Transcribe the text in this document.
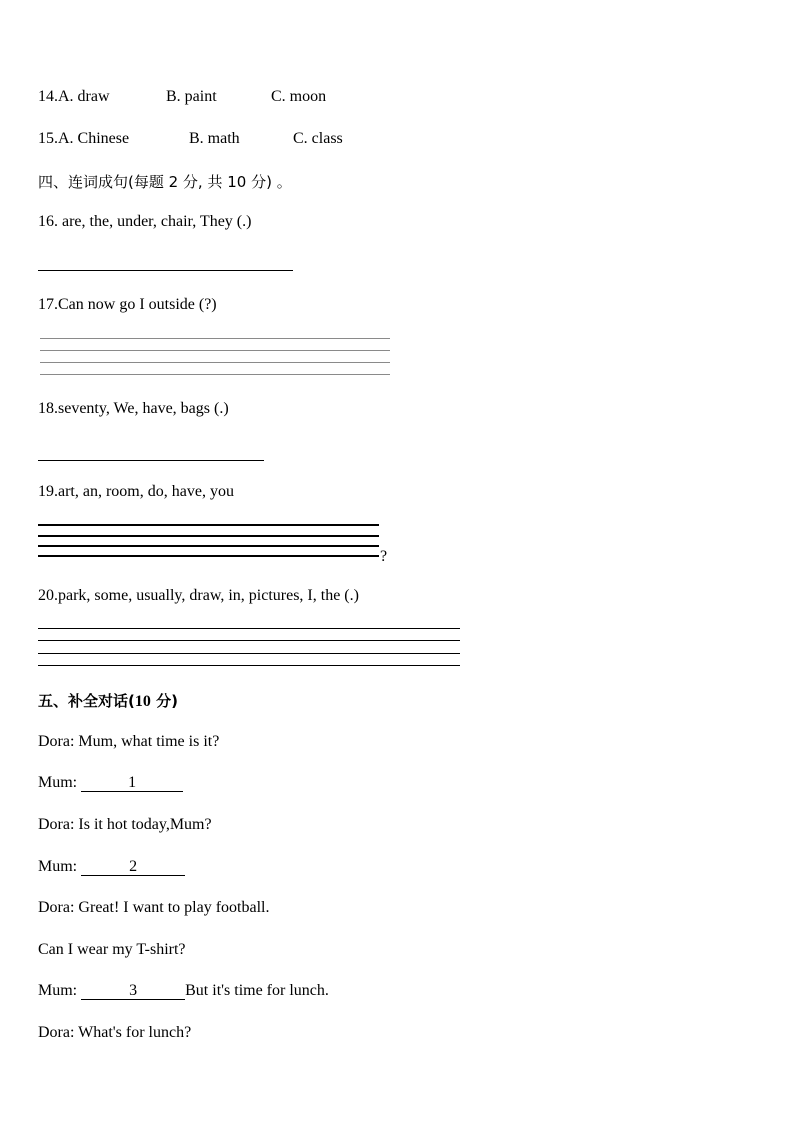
14.A. draw	B. paint	C. moon
15.A. Chinese	B. math	C. class
四、连词成句(每题 2 分, 共 10 分) 。
16. are, the, under, chair, They (.)
17.Can now go I outside (?)
18.seventy, We, have, bags (.)
19.art, an, room, do, have, you
?
20.park, some, usually, draw, in, pictures, I, the (.)
五、补全对话(10 分)
Dora: Mum, what time is it?
Mum:	1
Dora: Is it hot today,Mum?
Mum:	2
Dora: Great! I want to play football.
Can I wear my T-shirt?
Mum:	3	But it's time for lunch.
Dora: What's for lunch?
